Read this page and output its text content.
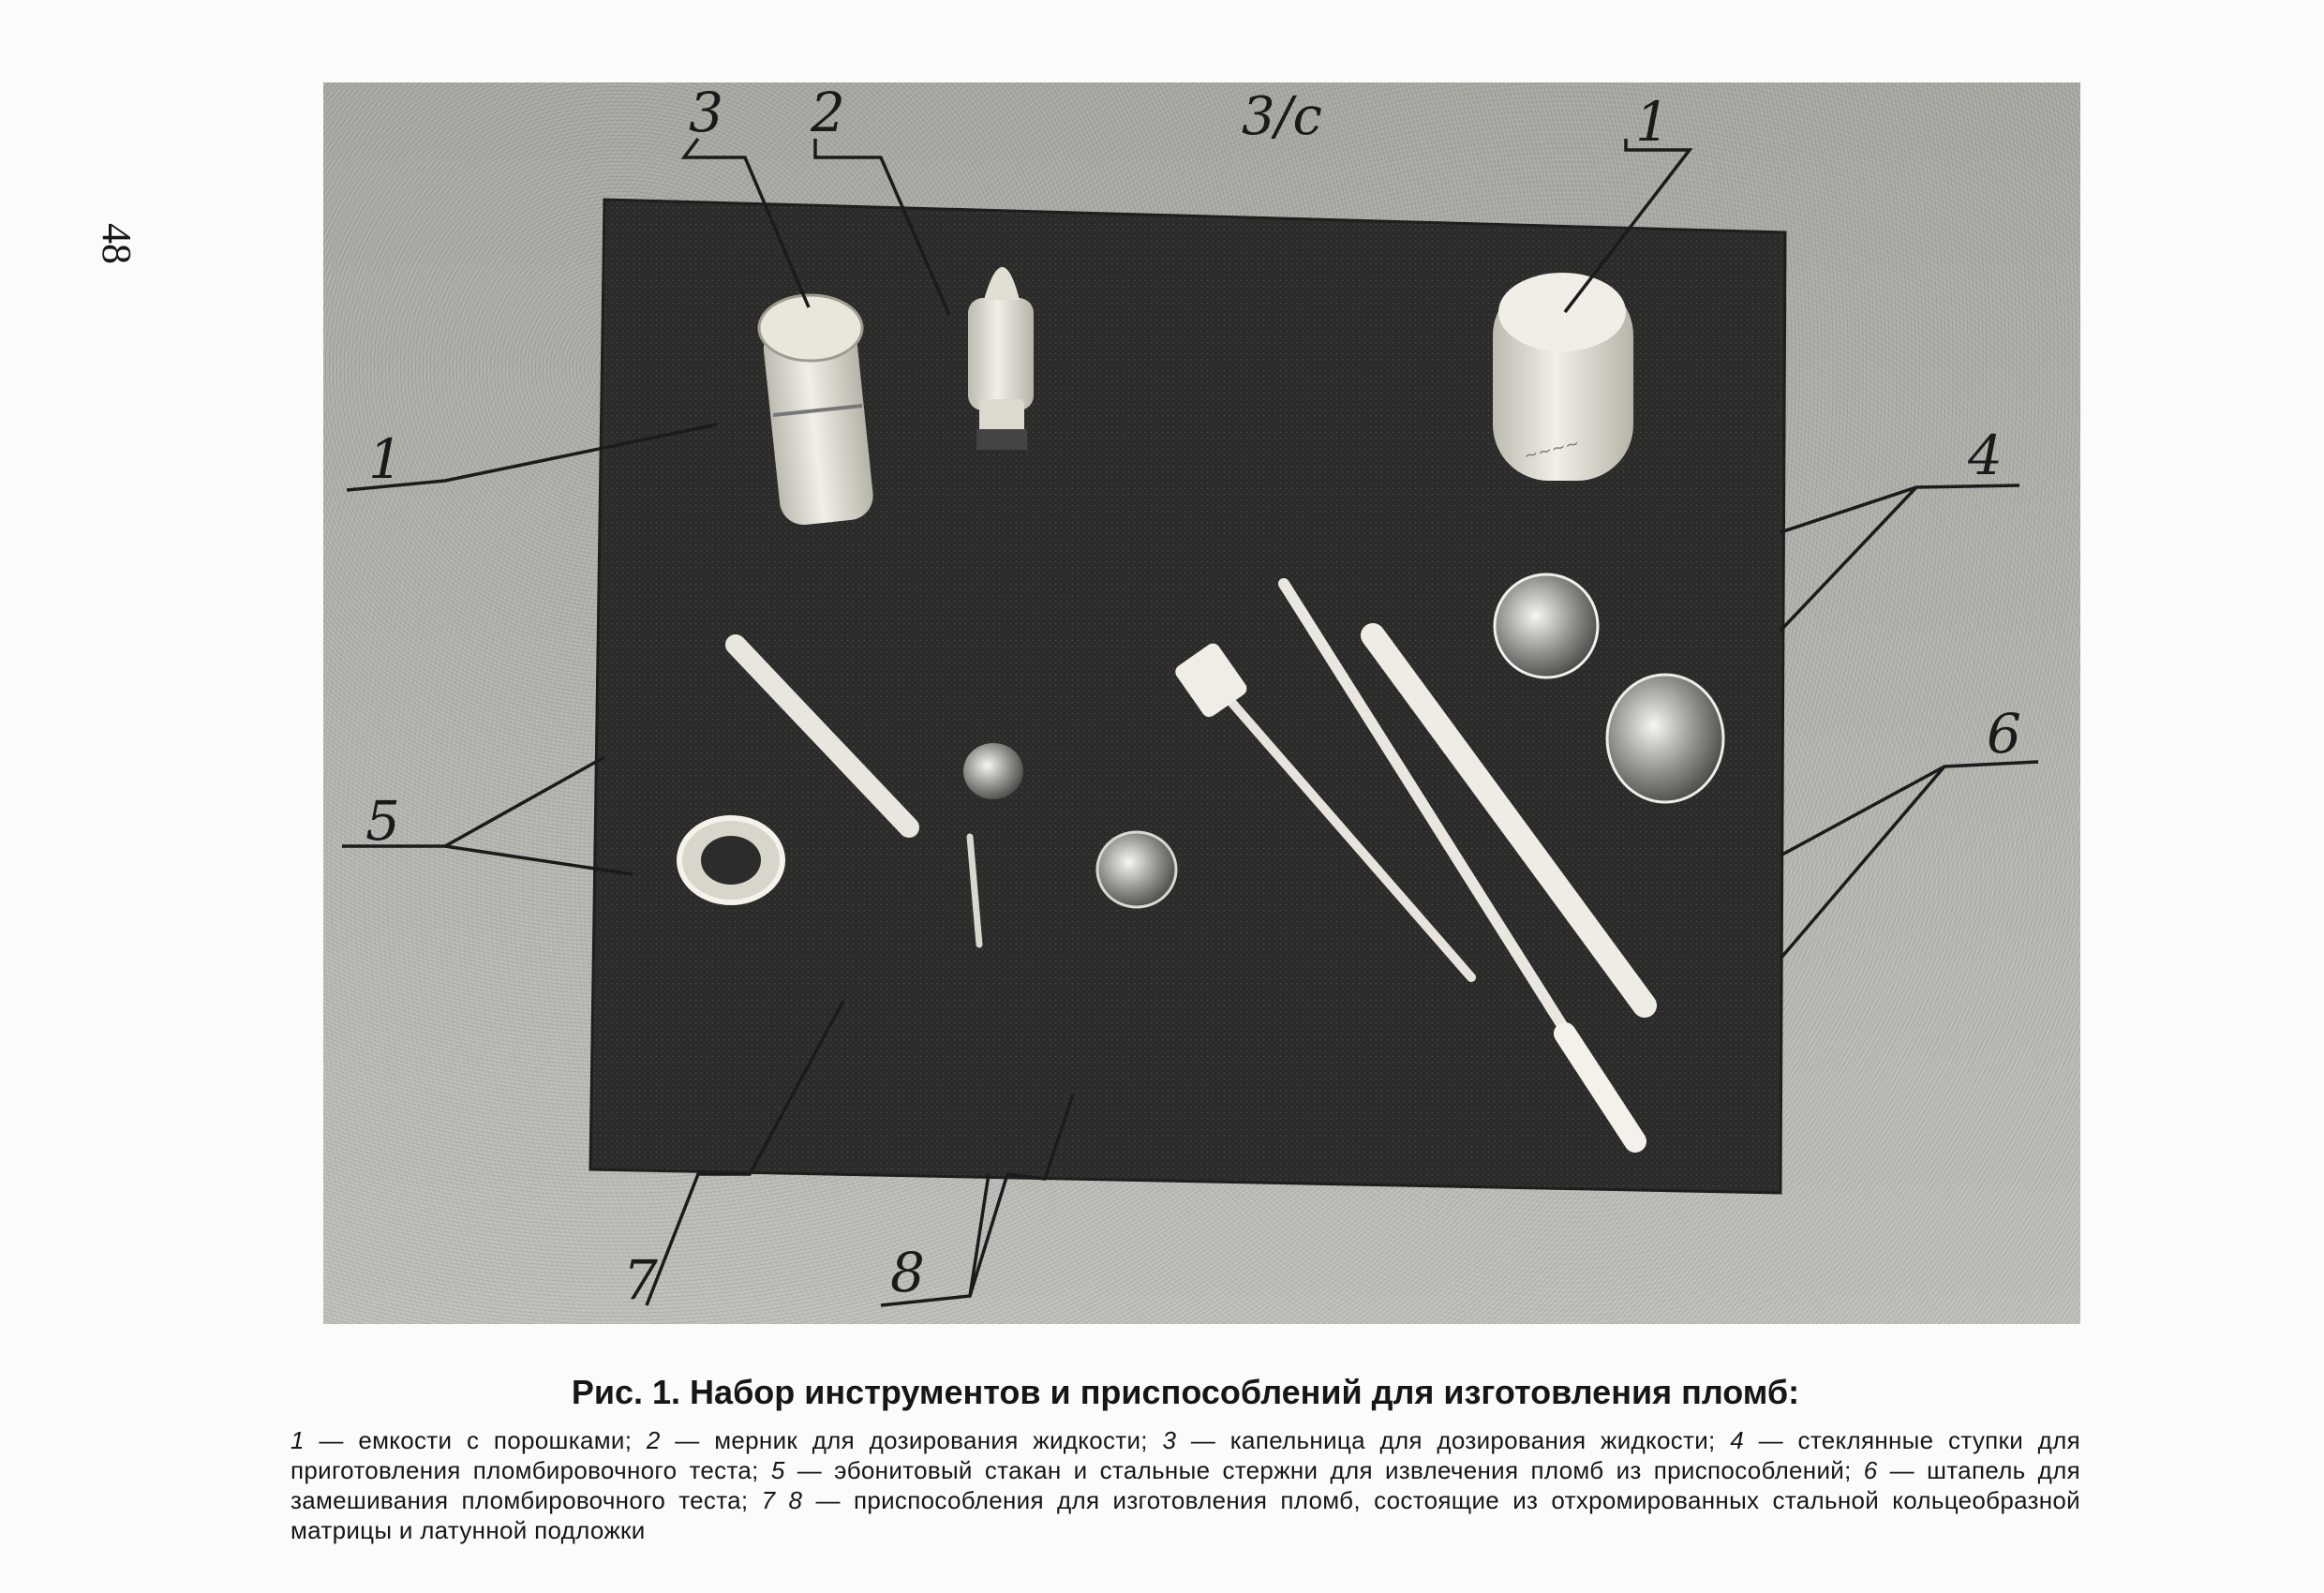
48
~~~~
3 2	1
1	4
5
6
7	8
3/с

Рис. 1. Набор инструментов и приспособлений для изготовления пломб:

1 — емкости с порошками; 2 — мерник для дозирования жидкости; 3 — капельница для дозирования жидкости; 4 — стеклянные ступки для приготовления пломбировочного теста; 5 — эбонитовый стакан и стальные стержни для извлечения пломб из приспособлений; 6 — штапель для замешивания пломбировочного теста; 7 8 — приспособления для изготовления пломб, состоящие из отхромированных стальной кольцеобразной матрицы и латунной подложки
